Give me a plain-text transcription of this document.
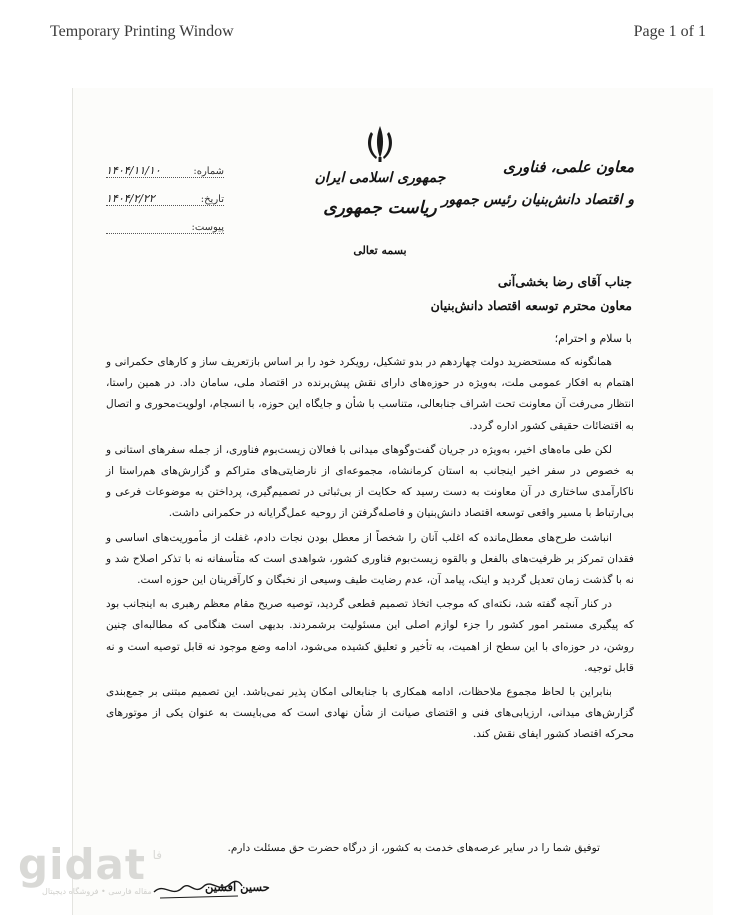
Temporary Printing Window	Page 1 of 1
جمهوری اسلامی ایران
ریاست جمهوری
معاون علمی، فناوری
و اقتصاد دانش‌بنیان رئیس جمهور
شماره:
۱۴۰۴/۱۱/۱۰
تاریخ:
۱۴۰۴/۲/۲۲
پیوست:
بسمه تعالی
جناب آقای رضا بخشی‌آنی
معاون محترم توسعه اقتصاد دانش‌بنیان
با سلام و احترام؛

همانگونه که مستحضرید دولت چهاردهم در بدو تشکیل، رویکرد خود را بر اساس بازتعریف ساز و کارهای حکمرانی و اهتمام به افکار عمومی ملت، به‌ویژه در حوزه‌های دارای نقش پیش‌برنده در اقتصاد ملی، سامان داد. در همین راستا، انتظار می‌رفت آن معاونت تحت اشراف جنابعالی، متناسب با شأن و جایگاه این حوزه، با انسجام، اولویت‌محوری و اتصال به اقتضائات حقیقی کشور اداره گردد.

لکن طی ماه‌های اخیر، به‌ویژه در جریان گفت‌وگوهای میدانی با فعالان زیست‌بوم فناوری، از جمله سفرهای استانی و به خصوص در سفر اخیر اینجانب به استان کرمانشاه، مجموعه‌ای از نارضایتی‌های متراکم و گزارش‌های هم‌راستا از ناکارآمدی ساختاری در آن معاونت به دست رسید که حکایت از بی‌ثباتی در تصمیم‌گیری، پرداختن به موضوعات فرعی و بی‌ارتباط با مسیر واقعی توسعه اقتصاد دانش‌بنیان و فاصله‌گرفتن از روحیه عمل‌گرایانه در حکمرانی داشت.

انباشت طرح‌های معطل‌مانده که اغلب آنان را شخصاً از معطل بودن نجات دادم، غفلت از مأموریت‌های اساسی و فقدان تمرکز بر ظرفیت‌های بالفعل و بالقوه زیست‌بوم فناوری کشور، شواهدی است که متأسفانه نه با تذکر اصلاح شد و نه با گذشت زمان تعدیل گردید و اینک، پیامد آن، عدم رضایت طیف وسیعی از نخبگان و کارآفرینان این حوزه است.

در کنار آنچه گفته شد، نکته‌ای که موجب اتخاذ تصمیم قطعی گردید، توصیه صریح مقام معظم رهبری به اینجانب بود که پیگیری مستمر امور کشور را جزء لوازم اصلی این مسئولیت برشمردند. بدیهی است هنگامی که مطالبه‌ای چنین روشن، در حوزه‌ای با این سطح از اهمیت، به تأخیر و تعلیق کشیده می‌شود، ادامه وضع موجود نه قابل توصیه است و نه قابل توجیه.

بنابراین با لحاظ مجموع ملاحظات، ادامه همکاری با جنابعالی امکان پذیر نمی‌باشد. این تصمیم مبتنی بر جمع‌بندی گزارش‌های میدانی، ارزیابی‌های فنی و اقتضای صیانت از شأن نهادی است که می‌بایست به عنوان یکی از موتورهای محرکه اقتصاد کشور ایفای نقش کند.

توفیق شما را در سایر عرصه‌های خدمت به کشور، از درگاه حضرت حق مسئلت دارم.
حسین افشین
gidat فا
مقاله فارسی • فروشگاه دیجیتال
